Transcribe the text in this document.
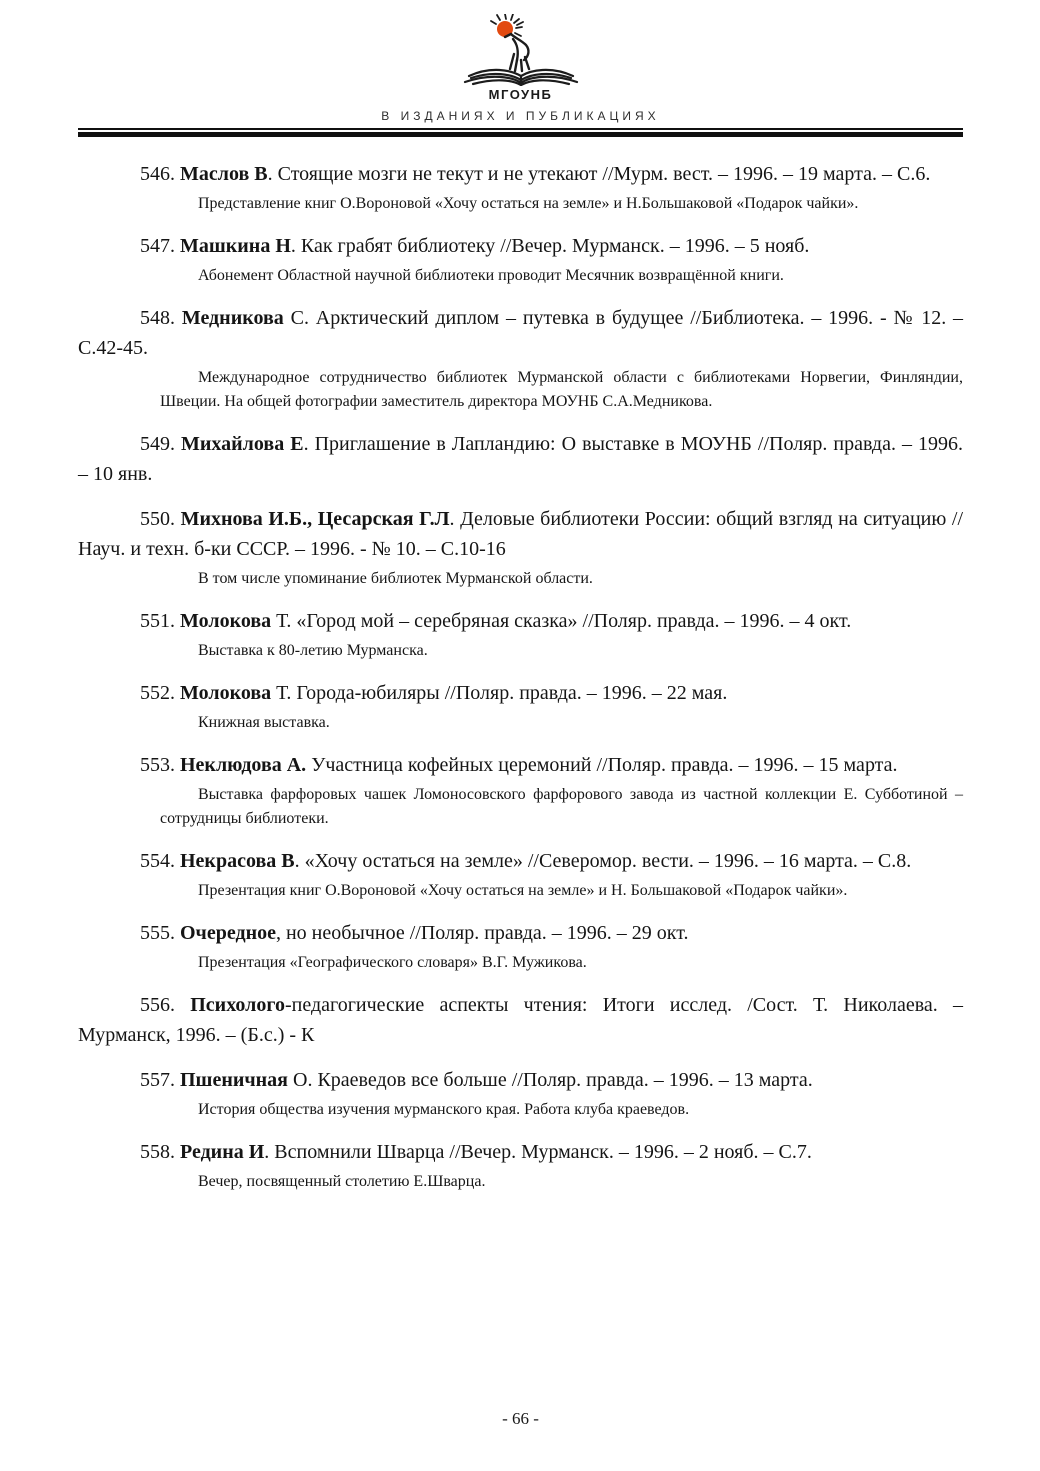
МГОУНБ
В ИЗДАНИЯХ И ПУБЛИКАЦИЯХ

546. Маслов В. Стоящие мозги не текут и не утекают //Мурм. вест. – 1996. – 19 марта. – С.6.

Представление книг О.Вороновой «Хочу остаться на земле» и Н.Большаковой «Подарок чайки».

547. Машкина Н. Как грабят библиотеку //Вечер. Мурманск. – 1996. – 5 нояб.

Абонемент Областной научной библиотеки проводит Месячник возвращённой книги.

548. Медникова С. Арктический диплом – путевка в будущее //Библиотека. – 1996. - № 12. – С.42-45.

Международное сотрудничество библиотек Мурманской области с библиотеками Норвегии, Финляндии, Швеции. На общей фотографии заместитель директора МОУНБ С.А.Медникова.

549. Михайлова Е. Приглашение в Лапландию: О выставке в МОУНБ //Поляр. правда. – 1996. – 10 янв.

550. Михнова И.Б., Цесарская Г.Л. Деловые библиотеки России: общий взгляд на ситуацию //Науч. и техн. б-ки СССР. – 1996. - № 10. – С.10-16

В том числе упоминание библиотек Мурманской области.

551. Молокова Т. «Город мой – серебряная сказка» //Поляр. правда. – 1996. – 4 окт.

Выставка к 80-летию Мурманска.

552. Молокова Т. Города-юбиляры //Поляр. правда. – 1996. – 22 мая.

Книжная выставка.

553. Неклюдова А. Участница кофейных церемоний //Поляр. правда. – 1996. – 15 марта.

Выставка фарфоровых чашек Ломоносовского фарфорового завода из частной коллекции Е. Субботиной – сотрудницы библиотеки.

554. Некрасова В. «Хочу остаться на земле» //Северомор. вести. – 1996. – 16 марта. – С.8.

Презентация книг О.Вороновой «Хочу остаться на земле» и Н. Большаковой «Подарок чайки».

555. Очередное, но необычное //Поляр. правда. – 1996. – 29 окт.

Презентация «Географического словаря» В.Г. Мужикова.

556. Психолого-педагогические аспекты чтения: Итоги исслед. /Сост. Т. Николаева. – Мурманск, 1996. – (Б.с.) - К

557. Пшеничная О. Краеведов все больше //Поляр. правда. – 1996. – 13 марта.

История общества изучения мурманского края. Работа клуба краеведов.

558. Редина И. Вспомнили Шварца //Вечер. Мурманск. – 1996. – 2 нояб. – С.7.

Вечер, посвященный столетию Е.Шварца.

- 66 -
